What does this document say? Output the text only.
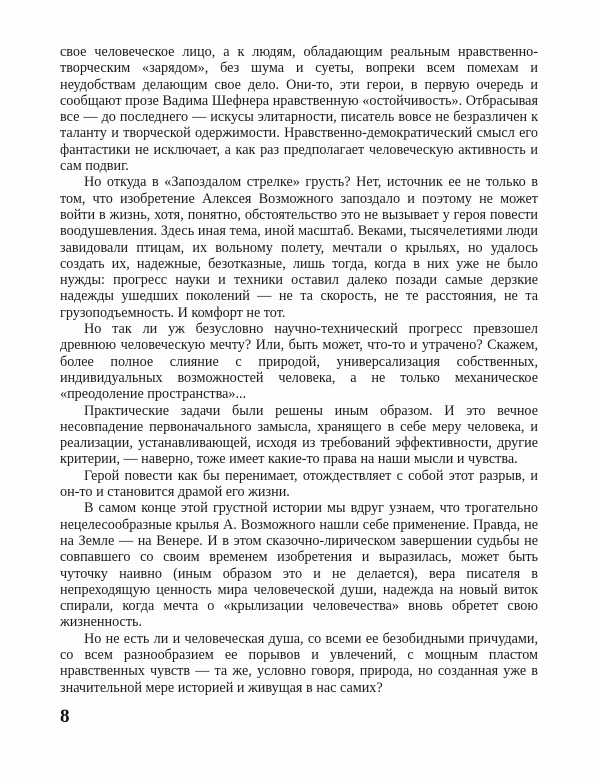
свое человеческое лицо, а к людям, обладающим реальным нравственно-творческим «зарядом», без шума и суеты, вопреки всем помехам и неудобствам делающим свое дело. Они-то, эти герои, в первую очередь и сообщают прозе Вадима Шефнера нравственную «остойчивость». Отбрасывая все — до последнего — искусы элитарности, писатель вовсе не безразличен к таланту и творческой одержимости. Нравственно-демократический смысл его фантастики не исключает, а как раз предполагает человеческую активность и сам подвиг.

Но откуда в «Запоздалом стрелке» грусть? Нет, источник ее не только в том, что изобретение Алексея Возможного запоздало и поэтому не может войти в жизнь, хотя, понятно, обстоятельство это не вызывает у героя повести воодушевления. Здесь иная тема, иной масштаб. Веками, тысячелетиями люди завидовали птицам, их вольному полету, мечтали о крыльях, но удалось создать их, надежные, безотказные, лишь тогда, когда в них уже не было нужды: прогресс науки и техники оставил далеко позади самые дерзкие надежды ушедших поколений — не та скорость, не те расстояния, не та грузоподъемность. И комфорт не тот.

Но так ли уж безусловно научно-технический прогресс превзошел древнюю человеческую мечту? Или, быть может, что-то и утрачено? Скажем, более полное слияние с природой, универсализация собственных, индивидуальных возможностей человека, а не только механическое «преодоление пространства»...

Практические задачи были решены иным образом. И это вечное несовпадение первоначального замысла, хранящего в себе меру человека, и реализации, устанавливающей, исходя из требований эффективности, другие критерии, — наверно, тоже имеет какие-то права на наши мысли и чувства.

Герой повести как бы перенимает, отождествляет с собой этот разрыв, и он-то и становится драмой его жизни.

В самом конце этой грустной истории мы вдруг узнаем, что трогательно нецелесообразные крылья А. Возможного нашли себе применение. Правда, не на Земле — на Венере. И в этом сказочно-лирическом завершении судьбы не совпавшего со своим временем изобретения и выразилась, может быть чуточку наивно (иным образом это и не делается), вера писателя в непреходящую ценность мира человеческой души, надежда на новый виток спирали, когда мечта о «крылизации человечества» вновь обретет свою жизненность.

Но не есть ли и человеческая душа, со всеми ее безобидными причудами, со всем разнообразием ее порывов и увлечений, с мощным пластом нравственных чувств — та же, условно говоря, природа, но созданная уже в значительной мере историей и живущая в нас самих?

8
